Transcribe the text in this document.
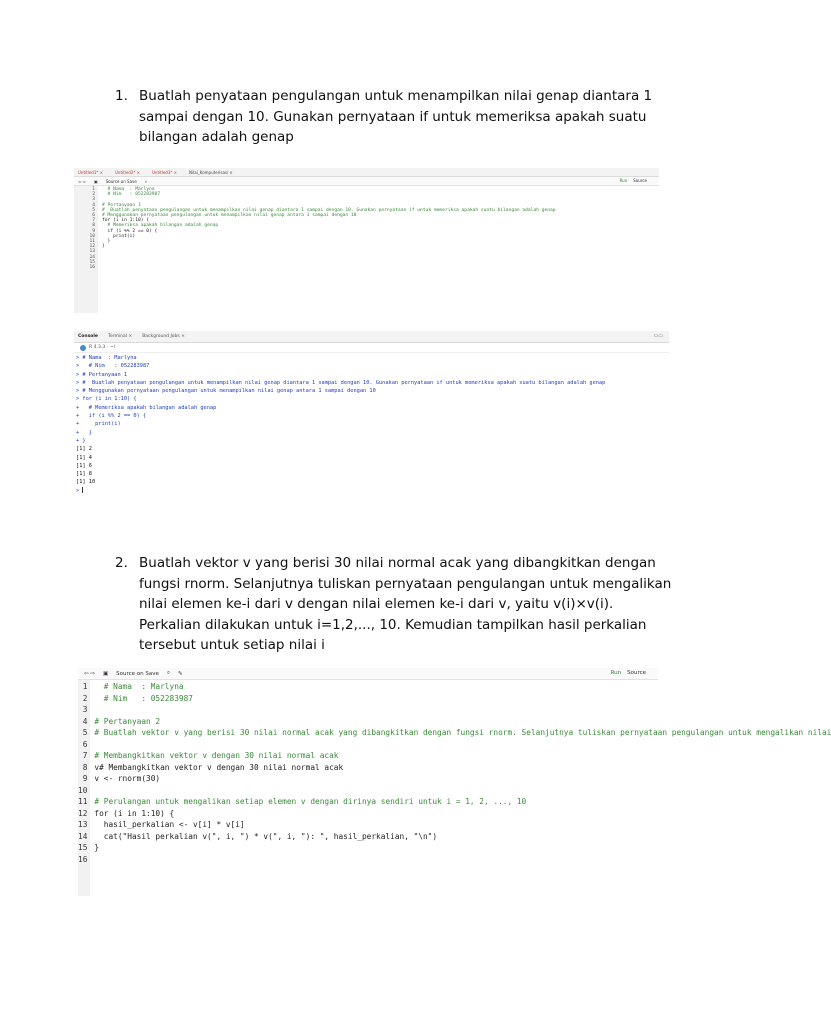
1. Buatlah penyataan pengulangan untuk menampilkan nilai genap diantara 1 sampai dengan 10. Gunakan pernyataan if untuk memeriksa apakah suatu bilangan adalah genap
Untitled1* ×	Untitled2* ×	Untitled3* ×	Nilai_Komputerisasi ×
⇦ ⇨ ▣ Source on Save ⌕	Run Source
1
2
3
4
5
6
7
8
9
10
11
12
13
14
15
16
# Nama  : Marlyna
# Nim   : 052283987

# Pertanyaan 1
#  Buatlah penyataan pengulangan untuk menampilkan nilai genap diantara 1 sampai dengan 10. Gunakan pernyataan if untuk memeriksa apakah suatu bilangan adalah genap
# Menggunakan pernyataan pengulangan untuk menampilkan nilai genap antara 1 sampai dengan 10
for (i in 1:10) {
# Memeriksa apakah bilangan adalah genap
if (i %% 2 == 0) {
print(i)
}
}

Console Terminal × Background Jobs ×	▭▭
R 4.3.3 · ~/
> # Nama  : Marlyna
>   # Nim   : 052283987
> # Pertanyaan 1
> #  Buatlah penyataan pengulangan untuk menampilkan nilai genap diantara 1 sampai dengan 10. Gunakan pernyataan if untuk memeriksa apakah suatu bilangan adalah genap
> # Menggunakan pernyataan pengulangan untuk menampilkan nilai genap antara 1 sampai dengan 10
> for (i in 1:10) {
+   # Memeriksa apakah bilangan adalah genap
+   if (i %% 2 == 0) {
+     print(i)
+   }
+ }
[1] 2
[1] 4
[1] 6
[1] 8
[1] 10
>
2. Buatlah vektor v yang berisi 30 nilai normal acak yang dibangkitkan dengan fungsi rnorm. Selanjutnya tuliskan pernyataan pengulangan untuk mengalikan nilai elemen ke-i dari v dengan nilai elemen ke-i dari v, yaitu v(i)×v(i). Perkalian dilakukan untuk i=1,2,..., 10. Kemudian tampilkan hasil perkalian tersebut untuk setiap nilai i
⇦ ⇨ ▣ Source on Save ⌕ ✎	Run Source
1
2
3
4
5
6
7
8
9
10
11
12
13
14
15
16
# Nama  : Marlyna
# Nim   : 052283987

# Pertanyaan 2
# Buatlah vektor v yang berisi 30 nilai normal acak yang dibangkitkan dengan fungsi rnorm. Selanjutnya tuliskan pernyataan pengulangan untuk mengalikan nilai

# Membangkitkan vektor v dengan 30 nilai normal acak
v# Membangkitkan vektor v dengan 30 nilai normal acak
v <- rnorm(30)

# Perulangan untuk mengalikan setiap elemen v dengan dirinya sendiri untuk i = 1, 2, ..., 10
for (i in 1:10) {
hasil_perkalian <- v[i] * v[i]
cat("Hasil perkalian v(", i, ") * v(", i, "): ", hasil_perkalian, "\n")
}
